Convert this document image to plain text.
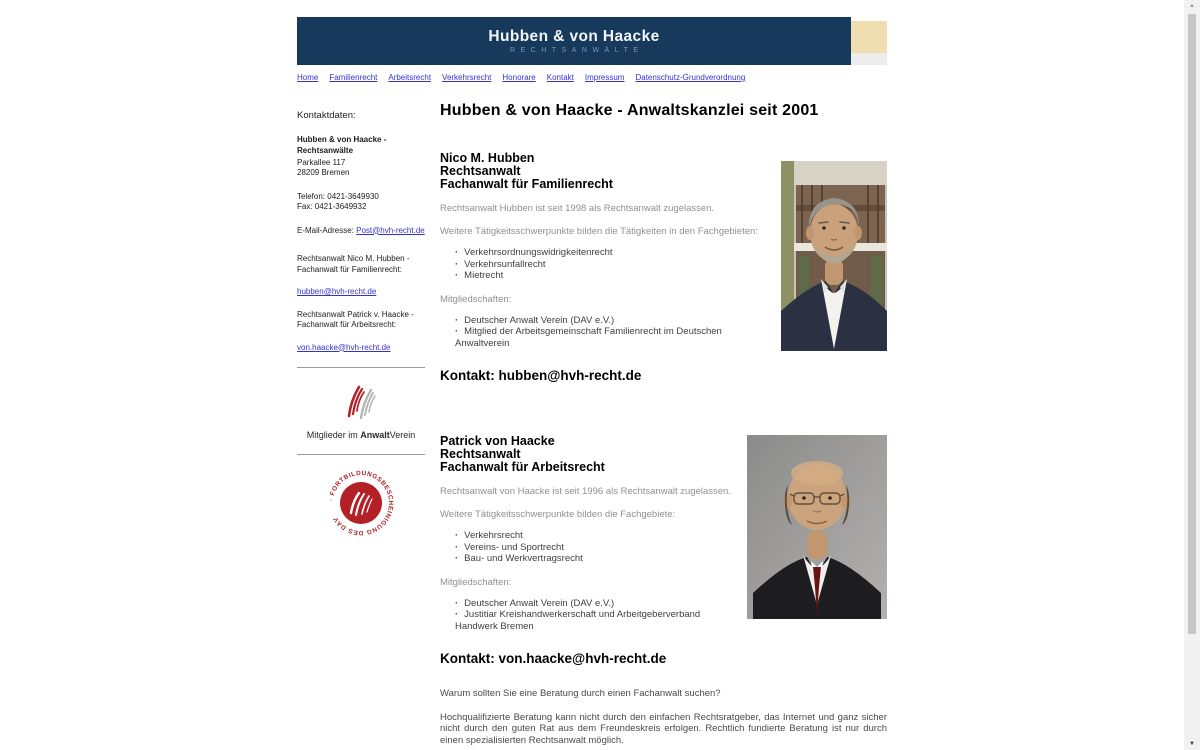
Hubben & von Haacke
RECHTSANWÄLTE
Home Familienrecht Arbeitsrecht Verkehrsrecht Honorare Kontakt Impressum Datenschutz-Grundverordnung

Kontaktdaten:

Hubben & von Haacke -
Rechtsanwälte

Parkallee 117
28209 Bremen

Telefon: 0421-3649930
Fax: 0421-3649932

E-Mail-Adresse: Post@hvh-recht.de

Rechtsanwalt Nico M. Hubben -
Fachanwalt für Familienrecht:

hubben@hvh-recht.de

Rechtsanwalt Patrick v. Haacke -
Fachanwalt für Arbeitsrecht:

von.haacke@hvh-recht.de

Mitglieder im AnwaltVerein
· FORTBILDUNGSBESCHEINIGUNG DES DAV
Hubben & von Haacke - Anwaltskanzlei seit 2001
Nico M. Hubben
Rechtsanwalt
Fachanwalt für Familienrecht

Rechtsanwalt Hubben ist seit 1998 als Rechtsanwalt zugelassen.

Weitere Tätigkeitsschwerpunkte bilden die Tätigkeiten in den Fachgebieten:

· Verkehrsordnungswidrigkeitenrecht
· Verkehrsunfallrecht
· Mietrecht

Mitgliedschaften:

· Deutscher Anwalt Verein (DAV e.V.)
· Mitglied der Arbeitsgemeinschaft Familienrecht im Deutschen Anwaltverein
Kontakt: hubben@hvh-recht.de
Patrick von Haacke
Rechtsanwalt
Fachanwalt für Arbeitsrecht

Rechtsanwalt von Haacke ist seit 1996 als Rechtsanwalt zugelassen.

Weitere Tätigkeitsschwerpunkte bilden die Fachgebiete:

· Verkehrsrecht
· Vereins- und Sportrecht
· Bau- und Werkvertragsrecht

Mitgliedschaften:

· Deutscher Anwalt Verein (DAV e.V.)
· Justitiar Kreishandwerkerschaft und Arbeitgeberverband Handwerk Bremen
Kontakt: von.haacke@hvh-recht.de

Warum sollten Sie eine Beratung durch einen Fachanwalt suchen?

Hochqualifizierte Beratung kann nicht durch den einfachen Rechtsratgeber, das Internet und ganz sicher nicht durch den guten Rat aus dem Freundeskreis erfolgen. Rechtlich fundierte Beratung ist nur durch einen spezialisierten Rechtsanwalt möglich.

▲
▼
